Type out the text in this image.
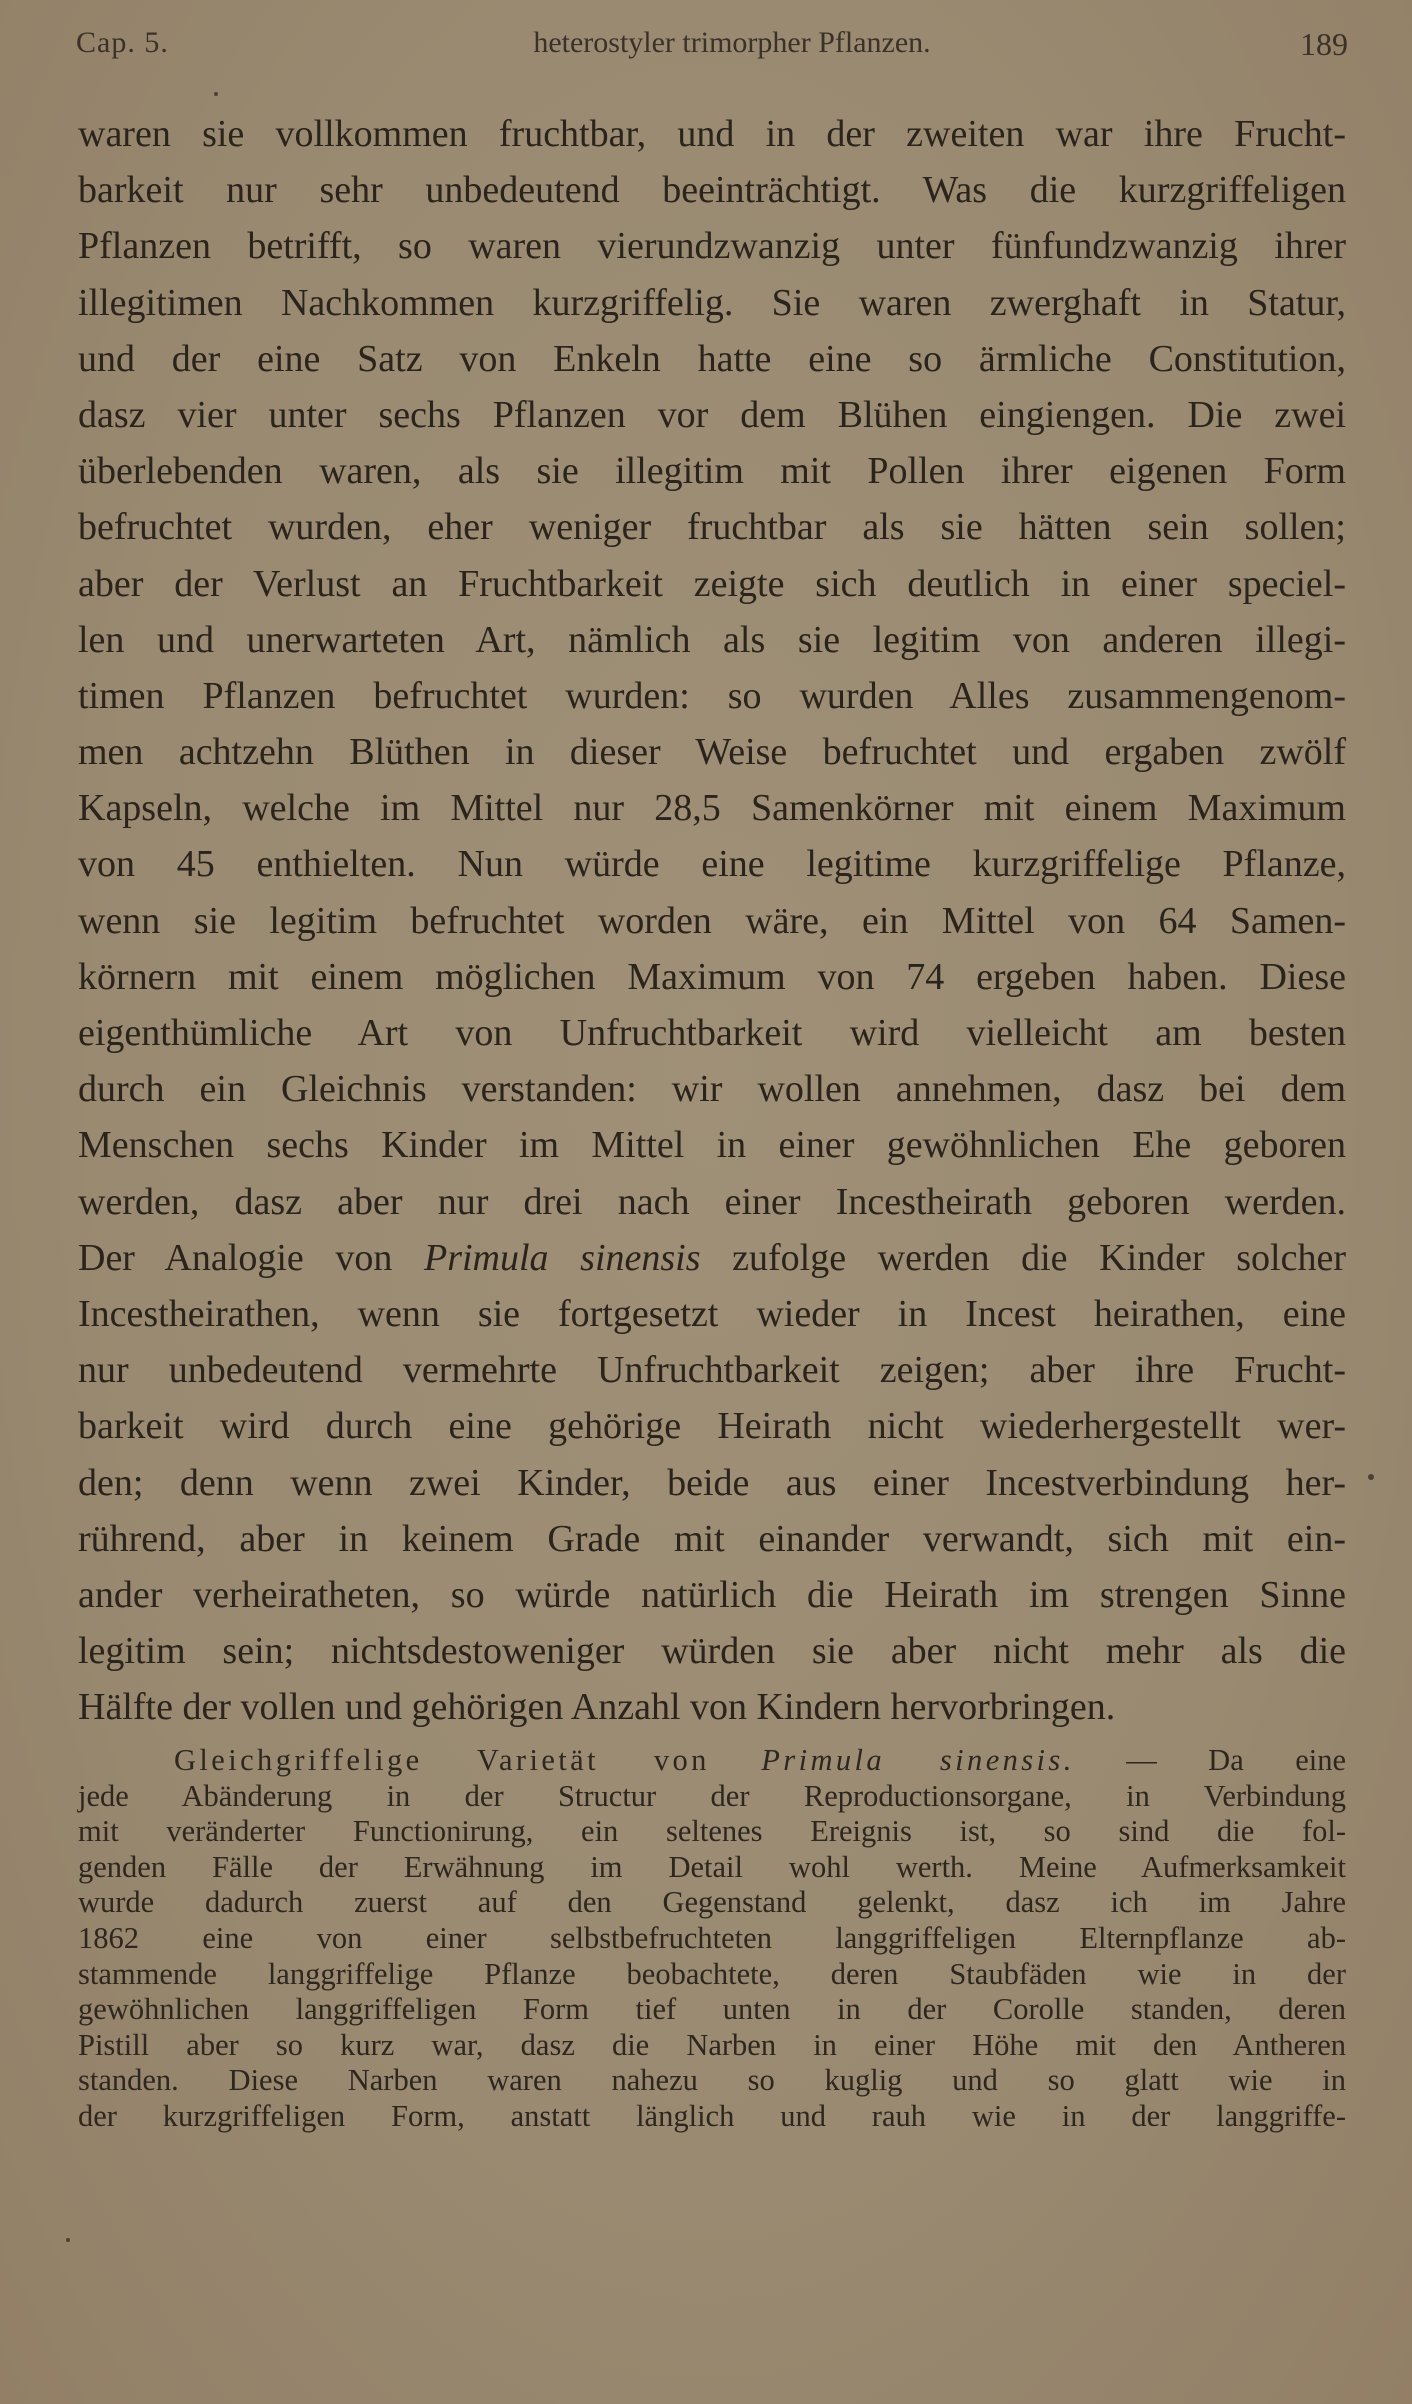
Cap. 5.	heterostyler trimorpher Pflanzen.	189
waren sie vollkommen fruchtbar, und in der zweiten war ihre Frucht-
barkeit nur sehr unbedeutend beeinträchtigt. Was die kurzgriffeligen
Pflanzen betrifft, so waren vierundzwanzig unter fünfundzwanzig ihrer
illegitimen Nachkommen kurzgriffelig. Sie waren zwerghaft in Statur,
und der eine Satz von Enkeln hatte eine so ärmliche Constitution,
dasz vier unter sechs Pflanzen vor dem Blühen eingiengen. Die zwei
überlebenden waren, als sie illegitim mit Pollen ihrer eigenen Form
befruchtet wurden, eher weniger fruchtbar als sie hätten sein sollen;
aber der Verlust an Fruchtbarkeit zeigte sich deutlich in einer speciel-
len und unerwarteten Art, nämlich als sie legitim von anderen illegi-
timen Pflanzen befruchtet wurden: so wurden Alles zusammengenom-
men achtzehn Blüthen in dieser Weise befruchtet und ergaben zwölf
Kapseln, welche im Mittel nur 28,5 Samenkörner mit einem Maximum
von 45 enthielten. Nun würde eine legitime kurzgriffelige Pflanze,
wenn sie legitim befruchtet worden wäre, ein Mittel von 64 Samen-
körnern mit einem möglichen Maximum von 74 ergeben haben. Diese
eigenthümliche Art von Unfruchtbarkeit wird vielleicht am besten
durch ein Gleichnis verstanden: wir wollen annehmen, dasz bei dem
Menschen sechs Kinder im Mittel in einer gewöhnlichen Ehe geboren
werden, dasz aber nur drei nach einer Incestheirath geboren werden.
Der Analogie von Primula sinensis zufolge werden die Kinder solcher
Incestheirathen, wenn sie fortgesetzt wieder in Incest heirathen, eine
nur unbedeutend vermehrte Unfruchtbarkeit zeigen; aber ihre Frucht-
barkeit wird durch eine gehörige Heirath nicht wiederhergestellt wer-
den; denn wenn zwei Kinder, beide aus einer Incestverbindung her-
rührend, aber in keinem Grade mit einander verwandt, sich mit ein-
ander verheiratheten, so würde natürlich die Heirath im strengen Sinne
legitim sein; nichtsdestoweniger würden sie aber nicht mehr als die
Hälfte der vollen und gehörigen Anzahl von Kindern hervorbringen.
Gleichgriffelige Varietät von Primula sinensis. — Da eine
jede Abänderung in der Structur der Reproductionsorgane, in Verbindung
mit veränderter Functionirung, ein seltenes Ereignis ist, so sind die fol-
genden Fälle der Erwähnung im Detail wohl werth. Meine Aufmerksamkeit
wurde dadurch zuerst auf den Gegenstand gelenkt, dasz ich im Jahre
1862 eine von einer selbstbefruchteten langgriffeligen Elternpflanze ab-
stammende langgriffelige Pflanze beobachtete, deren Staubfäden wie in der
gewöhnlichen langgriffeligen Form tief unten in der Corolle standen, deren
Pistill aber so kurz war, dasz die Narben in einer Höhe mit den Antheren
standen. Diese Narben waren nahezu so kuglig und so glatt wie in
der kurzgriffeligen Form, anstatt länglich und rauh wie in der langgriffe-
